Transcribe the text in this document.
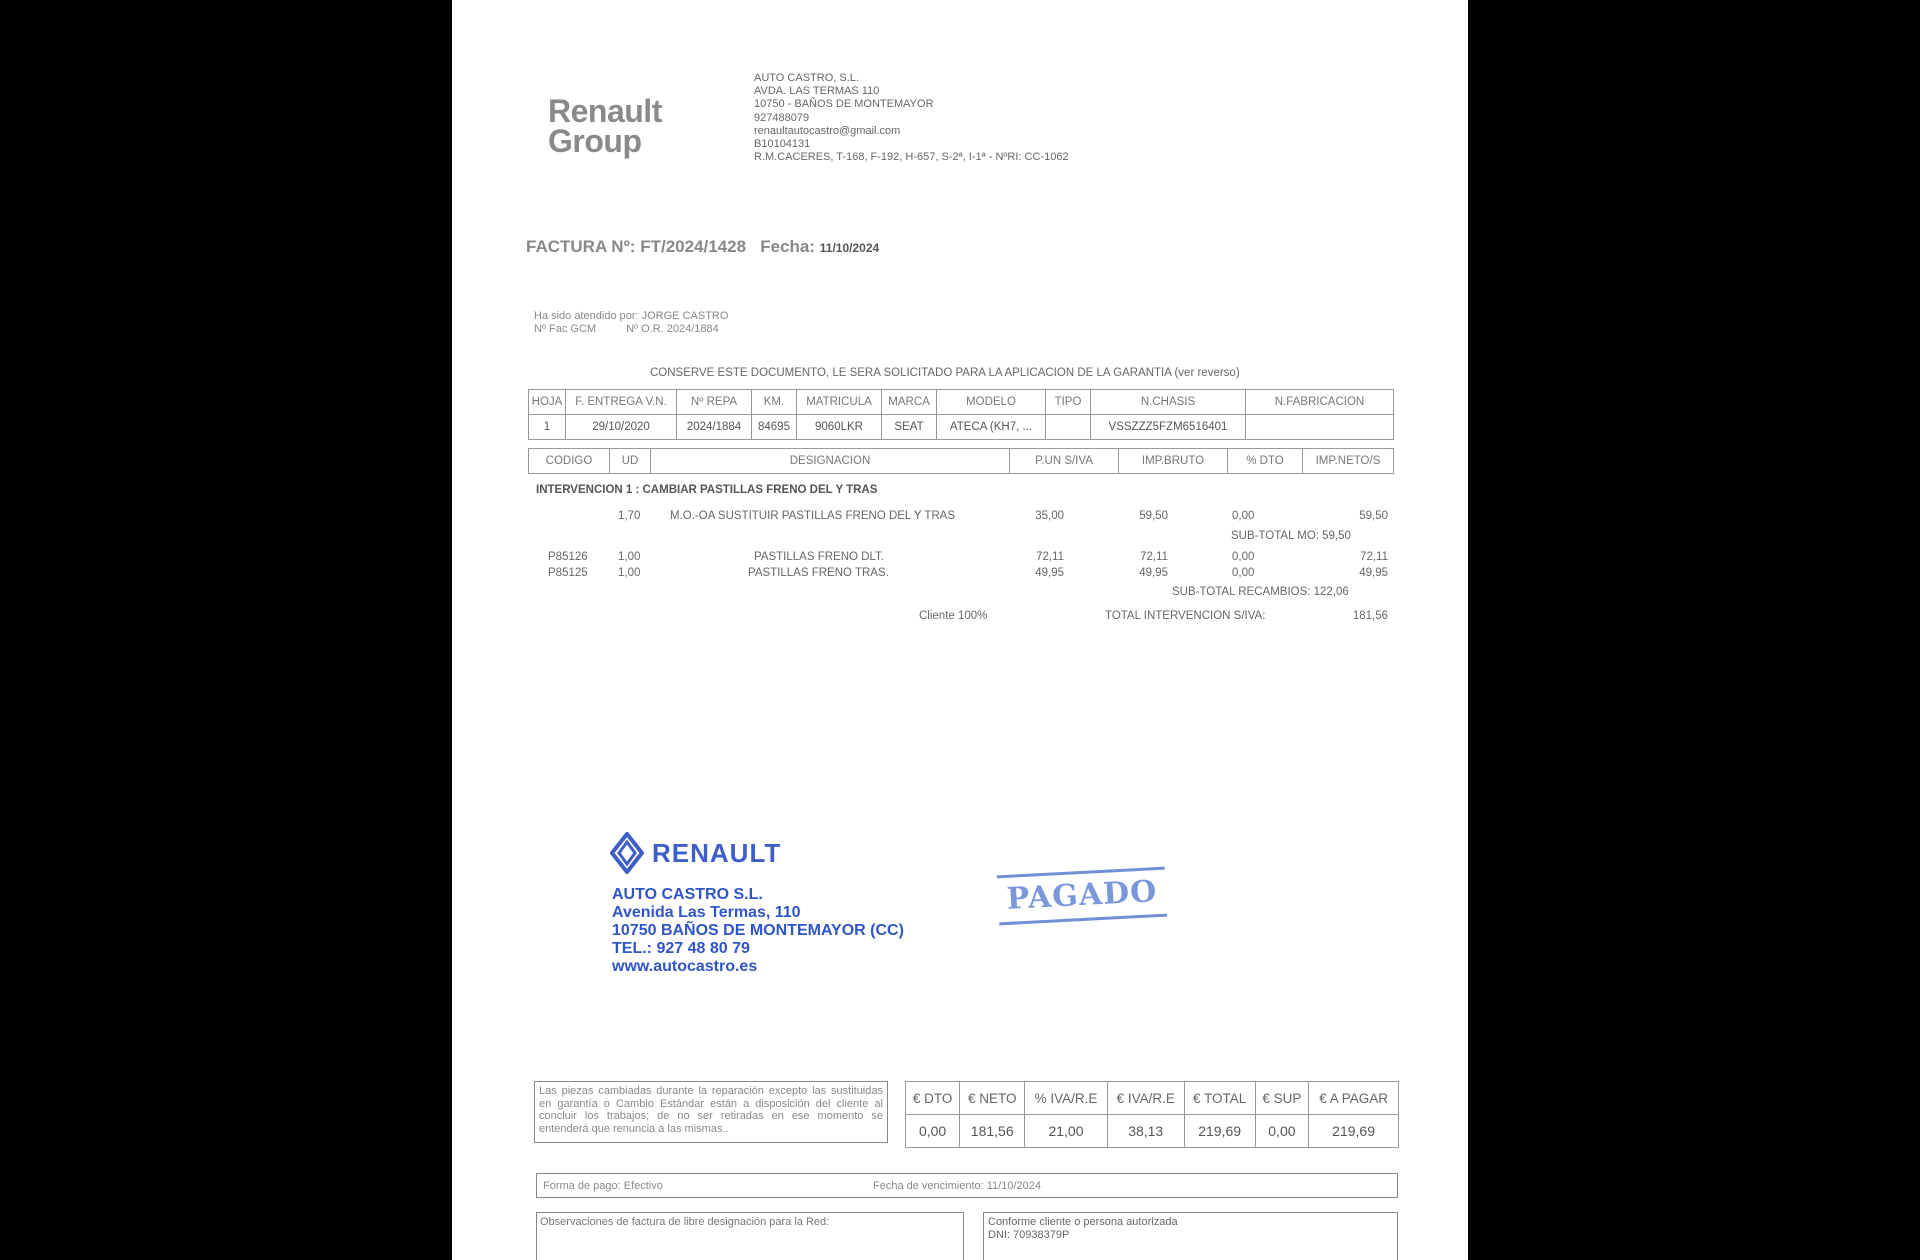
Renault
Group
AUTO CASTRO, S.L.
AVDA. LAS TERMAS 110
10750 - BAÑOS DE MONTEMAYOR
927488079
renaultautocastro@gmail.com
B10104131
R.M.CACERES, T-168, F-192, H-657, S-2ª, I-1ª - NºRI: CC-1062
FACTURA Nº: FT/2024/1428 Fecha: 11/10/2024
Ha sido atendido por: JORGE CASTRO
Nº Fac GCM	Nº O.R. 2024/1884
CONSERVE ESTE DOCUMENTO, LE SERA SOLICITADO PARA LA APLICACION DE LA GARANTIA (ver reverso)
HOJA	F. ENTREGA V.N.	Nº REPA	KM.	MATRICULA	MARCA	MODELO	TIPO	N.CHASIS	N.FABRICACION
1	29/10/2020	2024/1884	84695	9060LKR	SEAT	ATECA (KH7, ...		VSSZZZ5FZM6516401	
CODIGO	UD	DESIGNACION	P.UN S/IVA	IMP.BRUTO	% DTO	IMP.NETO/S
INTERVENCION 1 : CAMBIAR PASTILLAS FRENO DEL Y TRAS
1,70	M.O.-OA SUSTITUIR PASTILLAS FRENO DEL Y TRAS	35,00	59,50	0,00	59,50
SUB-TOTAL MO: 59,50
P85126	1,00	PASTILLAS FRENO DLT.	72,11	72,11	0,00	72,11
P85125	1,00	PASTILLAS FRENO TRAS.	49,95	49,95	0,00	49,95
SUB-TOTAL RECAMBIOS: 122,06
Cliente 100%	TOTAL INTERVENCION S/IVA:	181,56
RENAULT
AUTO CASTRO S.L.
Avenida Las Termas, 110
10750 BAÑOS DE MONTEMAYOR (CC)
TEL.: 927 48 80 79
www.autocastro.es
PAGADO
Las piezas cambiadas durante la reparación excepto las sustituidas en garantía o Cambio Estándar están a disposición del cliente al concluir los trabajos; de no ser retiradas en ese momento se entenderá que renuncia a las mismas..
€ DTO	€ NETO	% IVA/R.E	€ IVA/R.E	€ TOTAL	€ SUP	€ A PAGAR
0,00	181,56	21,00	38,13	219,69	0,00	219,69
Forma de pago: Efectivo	Fecha de vencimiento: 11/10/2024
Observaciones de factura de libre designación para la Red:	Conforme cliente o persona autorizada
DNI: 70938379P
